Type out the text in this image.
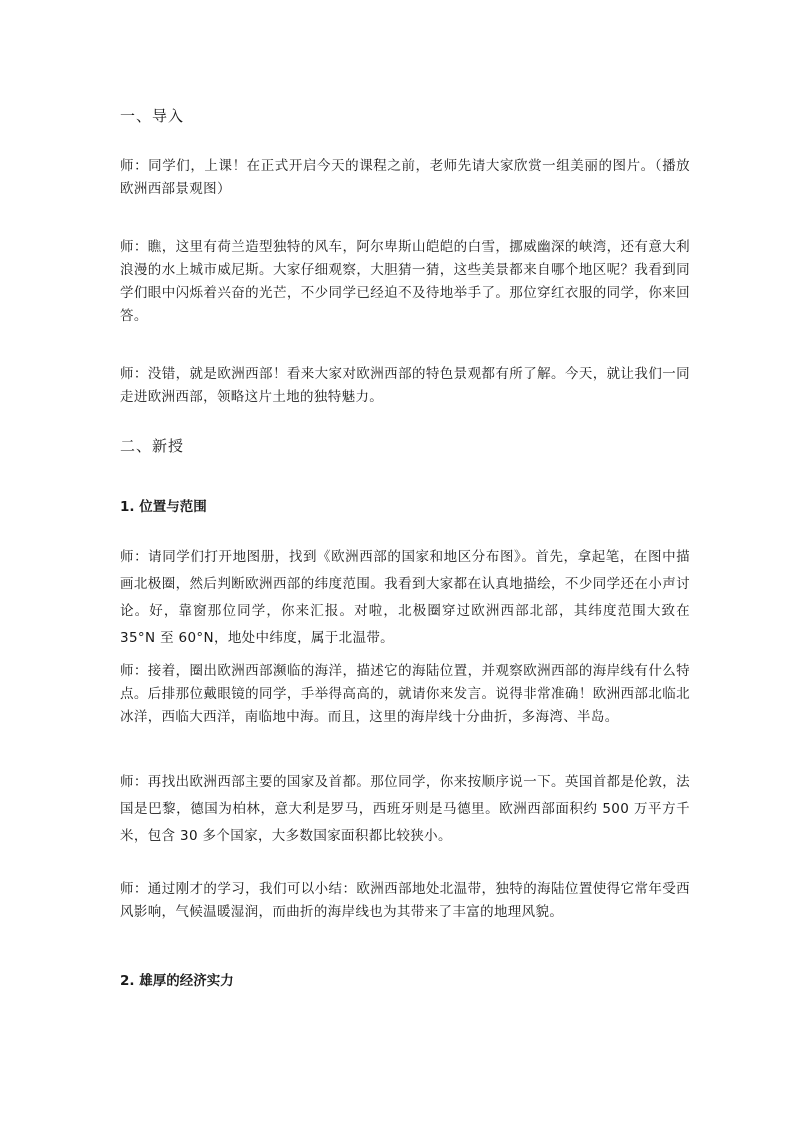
一、导入

师：同学们，上课！在正式开启今天的课程之前，老师先请大家欣赏一组美丽的图片。（播放欧洲西部景观图）

师：瞧，这里有荷兰造型独特的风车，阿尔卑斯山皑皑的白雪，挪威幽深的峡湾，还有意大利浪漫的水上城市威尼斯。大家仔细观察，大胆猜一猜，这些美景都来自哪个地区呢？我看到同学们眼中闪烁着兴奋的光芒，不少同学已经迫不及待地举手了。那位穿红衣服的同学，你来回答。

师：没错，就是欧洲西部！看来大家对欧洲西部的特色景观都有所了解。今天，就让我们一同走进欧洲西部，领略这片土地的独特魅力。

二、新授

1. 位置与范围

师：请同学们打开地图册，找到《欧洲西部的国家和地区分布图》。首先，拿起笔，在图中描画北极圈，然后判断欧洲西部的纬度范围。我看到大家都在认真地描绘，不少同学还在小声讨论。好，靠窗那位同学，你来汇报。对啦，北极圈穿过欧洲西部北部，其纬度范围大致在 35°N 至 60°N，地处中纬度，属于北温带。

师：接着，圈出欧洲西部濒临的海洋，描述它的海陆位置，并观察欧洲西部的海岸线有什么特点。后排那位戴眼镜的同学，手举得高高的，就请你来发言。说得非常准确！欧洲西部北临北冰洋，西临大西洋，南临地中海。而且，这里的海岸线十分曲折，多海湾、半岛。

师：再找出欧洲西部主要的国家及首都。那位同学，你来按顺序说一下。英国首都是伦敦，法国是巴黎，德国为柏林，意大利是罗马，西班牙则是马德里。欧洲西部面积约 500 万平方千米，包含 30 多个国家，大多数国家面积都比较狭小。

师：通过刚才的学习，我们可以小结：欧洲西部地处北温带，独特的海陆位置使得它常年受西风影响，气候温暖湿润，而曲折的海岸线也为其带来了丰富的地理风貌。

2. 雄厚的经济实力
